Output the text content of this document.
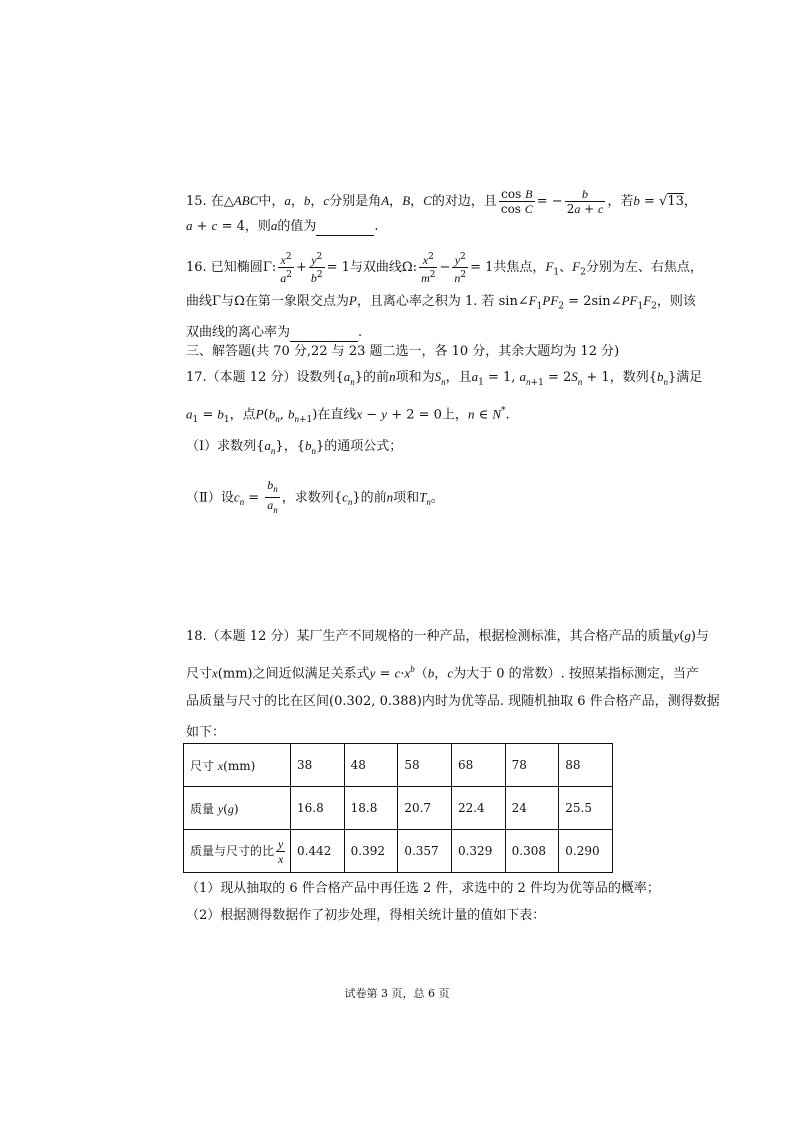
15. 在△ABC中，a，b，c分别是角A，B，C的对边，且 $\frac{\text{cos B}}{\text{cos C}}$ = − $\frac{b}{2a + c}$ ，若b = √13，
a + c = 4，则a的值为	.
16. 已知椭圆Γ: $\frac{x^2}{a^2} + \frac{y^2}{b^2} = 1$与双曲线Ω: $\frac{x^2}{m^2} - \frac{y^2}{n^2} = 1$共焦点，$F_1$、$F_2$分别为左、右焦点，
曲线Γ与Ω在第一象限交点为P，且离心率之积为 1. 若 $\sin\angle F_1PF_2$ = $2\sin\angle PF_1F_2$，则该
双曲线的离心率为	.
三、解答题(共 70 分,22 与 23 题二选一，各 10 分，其余大题均为 12 分)
17.（本题 12 分）设数列$\{a_n\}$的前n项和为$S_n$，且$a_1 = 1$, $a_{n+1} = 2S_n + 1$，数列$\{b_n\}$满足
$a_1 = b_1$，点$P(b_n$, $b_{n+1}$)在直线x − y + 2 = 0上，n ∈ N*.
（Ⅰ）求数列$\{a_n\}$，$\{b_n\}$的通项公式；
（Ⅱ）设$c_n = \frac{b_n}{a_n}$ ，求数列$\{c_n\}$的前n项和$T_n$。
18.（本题 12 分）某厂生产不同规格的一种产品，根据检测标准，其合格产品的质量y(g)与
尺寸x(mm)之间近似满足关系式$y = c\cdot x^b(b$，c为大于 0 的常数）. 按照某指标测定，当产
品质量与尺寸的比在区间(0.302, 0.388)内时为优等品. 现随机抽取 6 件合格产品，测得数据
如下：
尺寸 x(mm)	38	48	58	68	78	88
质量 y(g)	16.8	18.8	20.7	22.4	24	25.5
质量与尺寸的比 $\frac{y}{x}$	0.442	0.392	0.357	0.329	0.308	0.290
（1）现从抽取的 6 件合格产品中再任选 2 件，求选中的 2 件均为优等品的概率；
（2）根据测得数据作了初步处理，得相关统计量的值如下表：
试卷第 3 页，总 6 页
